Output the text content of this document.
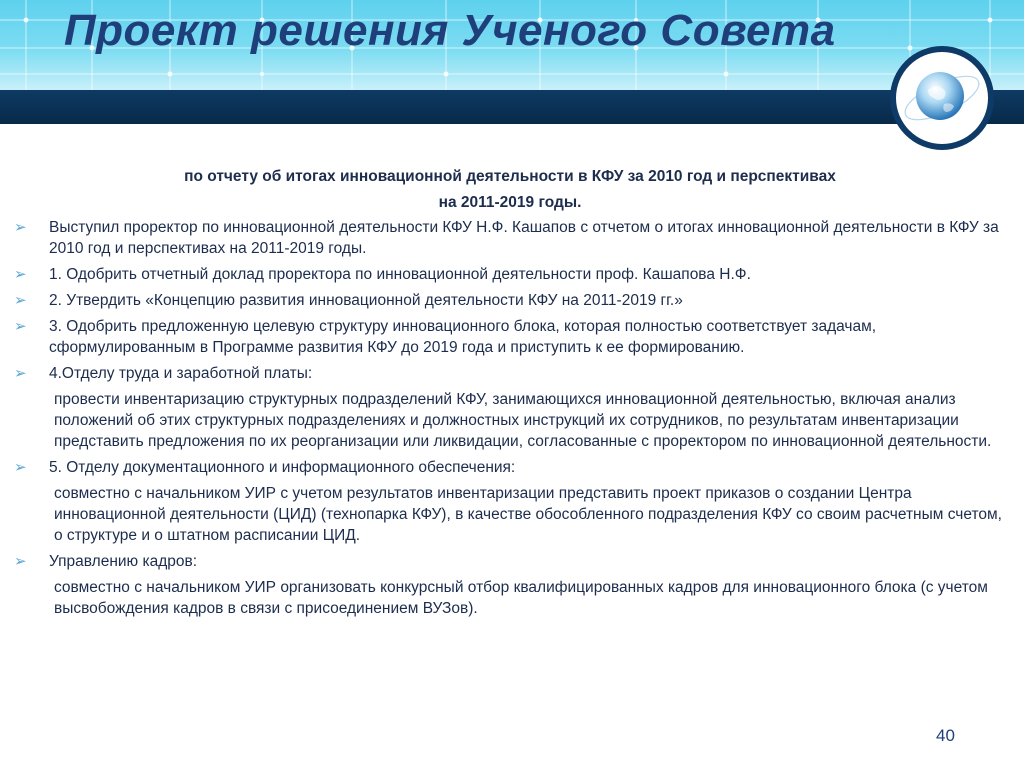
Проект решения Ученого Совета
по отчету об итогах инновационной деятельности в КФУ за 2010 год и перспективах
на 2011-2019 годы.
➢ Выступил проректор по инновационной деятельности КФУ Н.Ф. Кашапов с отчетом о итогах инновационной деятельности в КФУ за 2010 год и перспективах на 2011-2019 годы.
➢ 1. Одобрить отчетный доклад проректора по инновационной деятельности проф. Кашапова Н.Ф.
➢ 2. Утвердить «Концепцию развития инновационной деятельности КФУ на 2011-2019 гг.»
➢ 3. Одобрить предложенную целевую структуру инновационного блока, которая полностью соответствует задачам, сформулированным в Программе развития КФУ до 2019 года и приступить к ее формированию.
➢ 4.Отделу труда и заработной платы:
провести инвентаризацию структурных подразделений КФУ, занимающихся инновационной деятельностью, включая анализ положений об этих структурных подразделениях и должностных инструкций их сотрудников, по результатам инвентаризации представить предложения по их реорганизации или ликвидации, согласованные с проректором по инновационной деятельности.
➢ 5. Отделу документационного и информационного обеспечения:
совместно с начальником УИР с учетом результатов инвентаризации представить проект приказов о создании Центра инновационной деятельности (ЦИД) (технопарка КФУ), в качестве обособленного подразделения КФУ со своим расчетным счетом, о структуре и о штатном расписании ЦИД.
➢ Управлению кадров:
совместно с начальником УИР организовать конкурсный отбор квалифицированных кадров для инновационного блока (с учетом высвобождения кадров в связи с присоединением ВУЗов).
40
